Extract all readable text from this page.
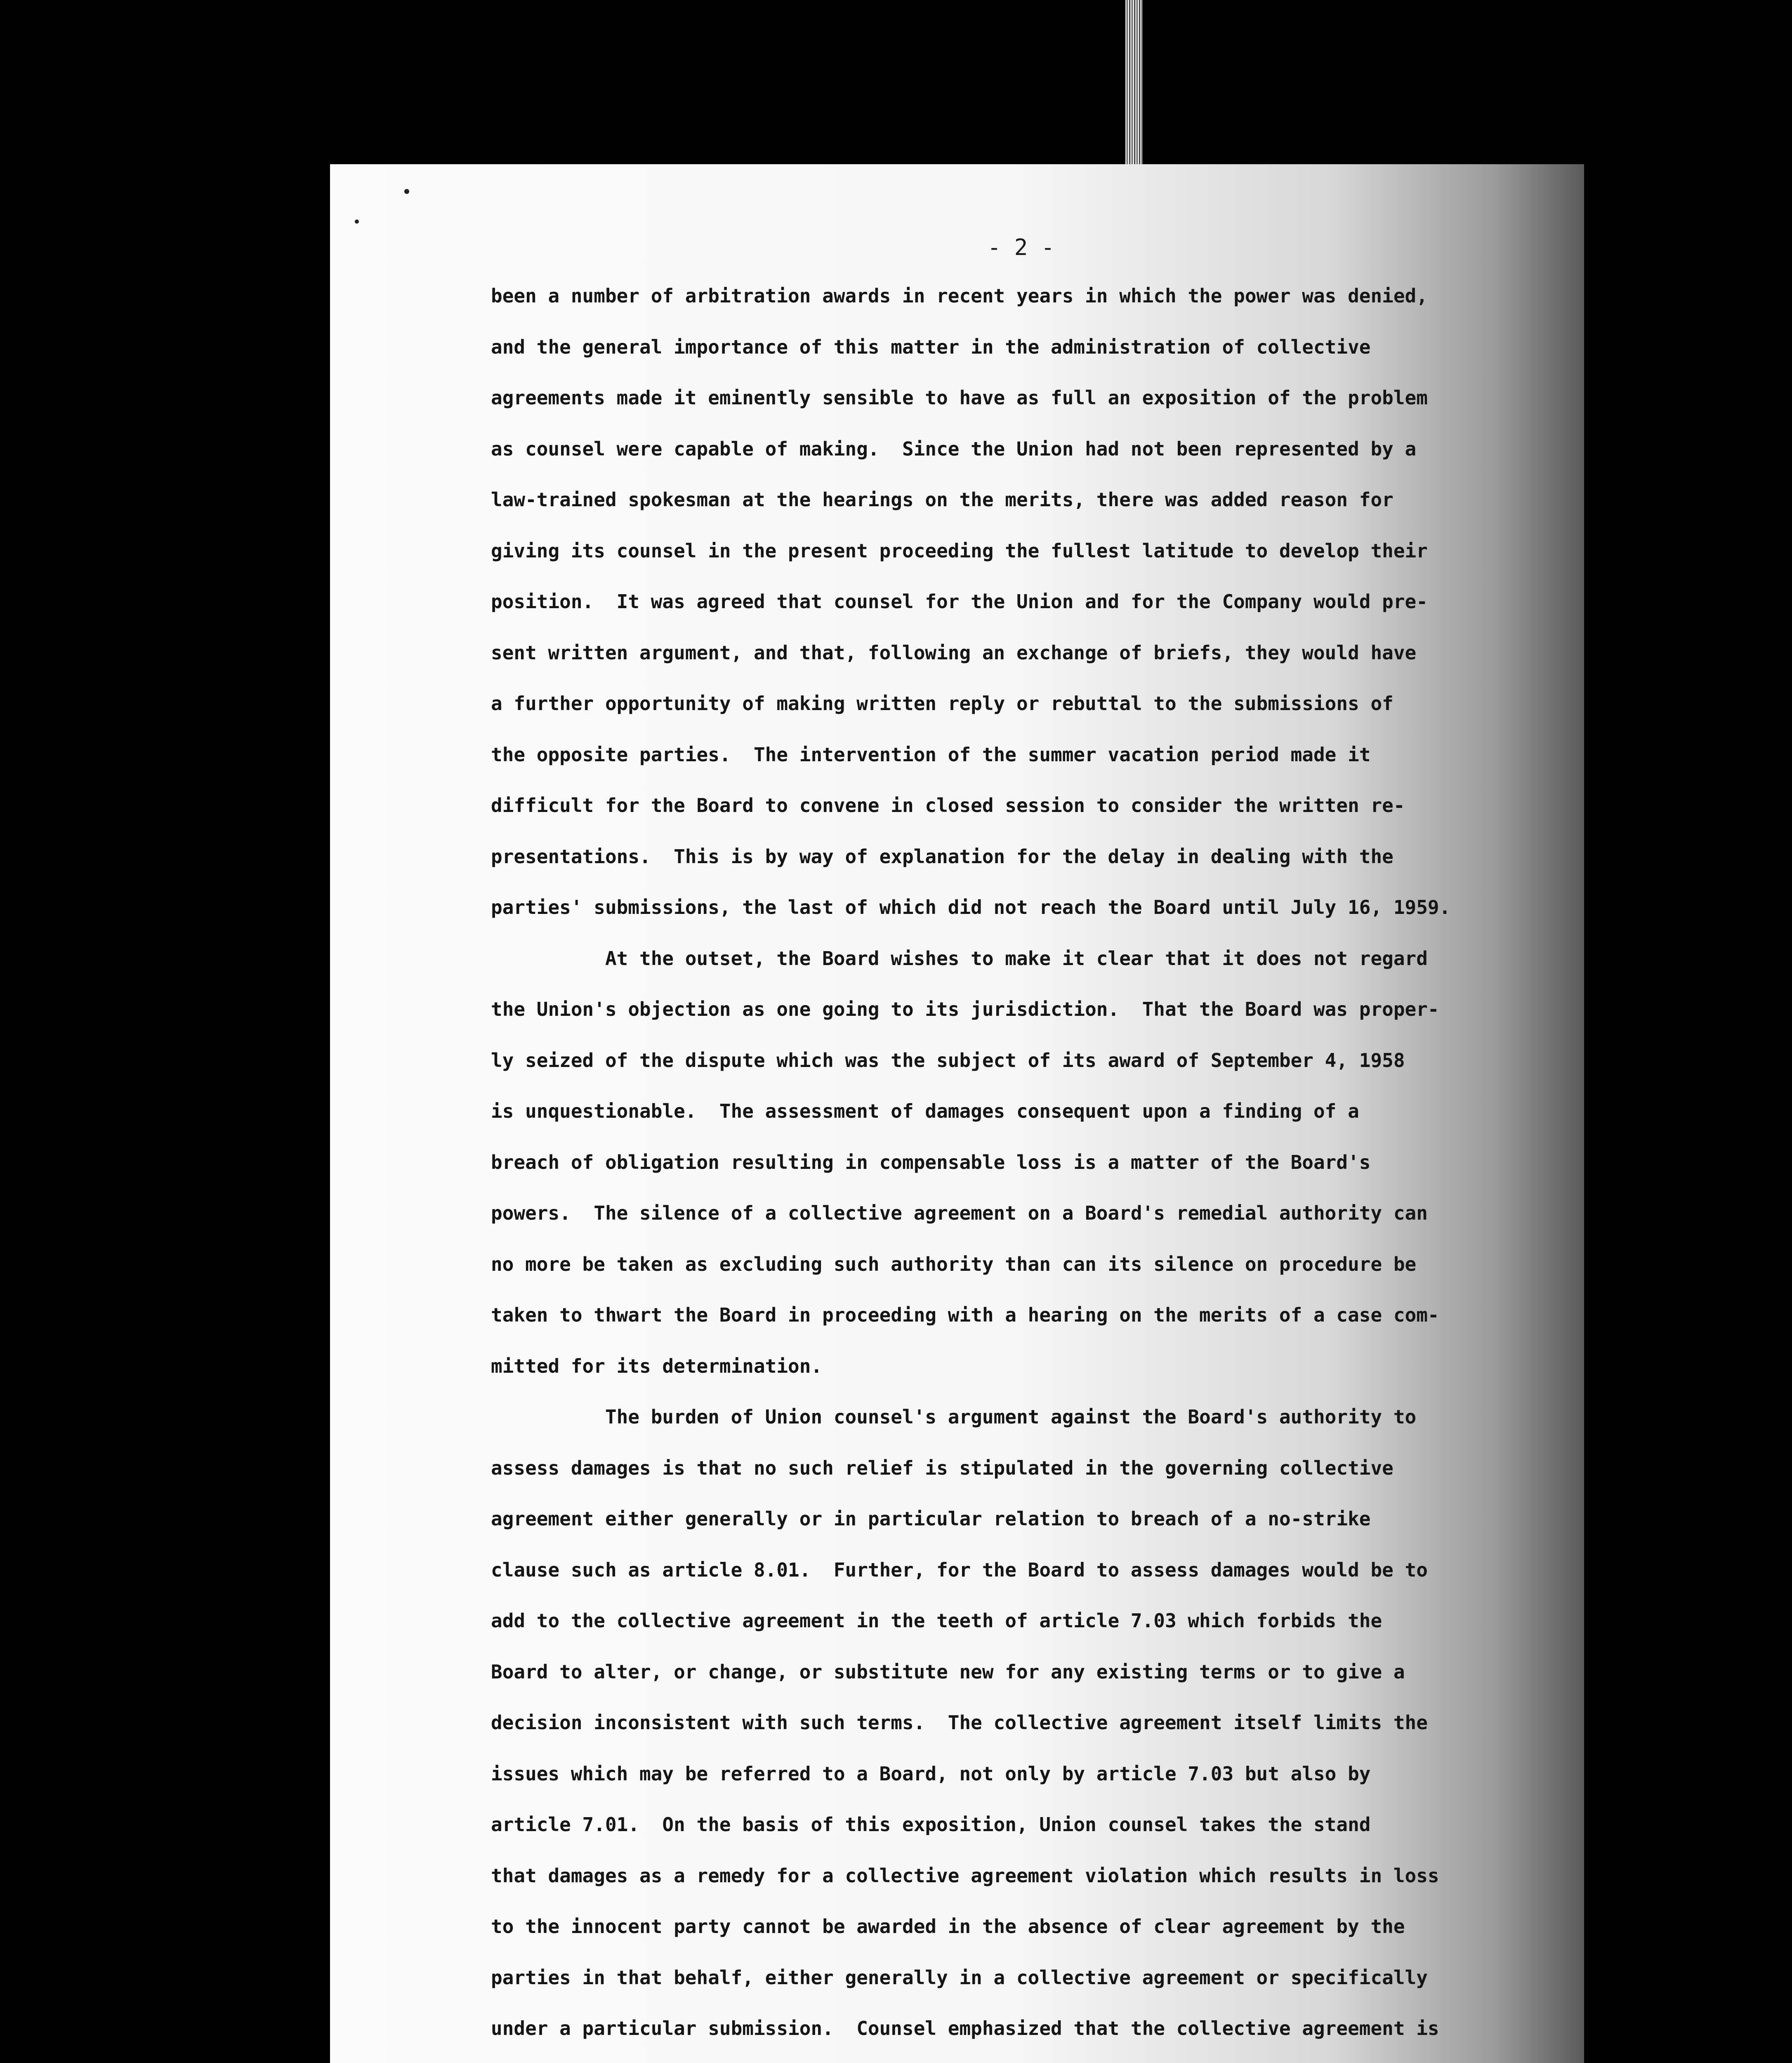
- 2 -
been a number of arbitration awards in recent years in which the power was denied,
and the general importance of this matter in the administration of collective
agreements made it eminently sensible to have as full an exposition of the problem
as counsel were capable of making.  Since the Union had not been represented by a
law-trained spokesman at the hearings on the merits, there was added reason for
giving its counsel in the present proceeding the fullest latitude to develop their
position.  It was agreed that counsel for the Union and for the Company would pre-
sent written argument, and that, following an exchange of briefs, they would have
a further opportunity of making written reply or rebuttal to the submissions of
the opposite parties.  The intervention of the summer vacation period made it
difficult for the Board to convene in closed session to consider the written re-
presentations.  This is by way of explanation for the delay in dealing with the
parties' submissions, the last of which did not reach the Board until July 16, 1959.
At the outset, the Board wishes to make it clear that it does not regard
the Union's objection as one going to its jurisdiction.  That the Board was proper-
ly seized of the dispute which was the subject of its award of September 4, 1958
is unquestionable.  The assessment of damages consequent upon a finding of a
breach of obligation resulting in compensable loss is a matter of the Board's
powers.  The silence of a collective agreement on a Board's remedial authority can
no more be taken as excluding such authority than can its silence on procedure be
taken to thwart the Board in proceeding with a hearing on the merits of a case com-
mitted for its determination.
The burden of Union counsel's argument against the Board's authority to
assess damages is that no such relief is stipulated in the governing collective
agreement either generally or in particular relation to breach of a no-strike
clause such as article 8.01.  Further, for the Board to assess damages would be to
add to the collective agreement in the teeth of article 7.03 which forbids the
Board to alter, or change, or substitute new for any existing terms or to give a
decision inconsistent with such terms.  The collective agreement itself limits the
issues which may be referred to a Board, not only by article 7.03 but also by
article 7.01.  On the basis of this exposition, Union counsel takes the stand
that damages as a remedy for a collective agreement violation which results in loss
to the innocent party cannot be awarded in the absence of clear agreement by the
parties in that behalf, either generally in a collective agreement or specifically
under a particular submission.  Counsel emphasized that the collective agreement is
